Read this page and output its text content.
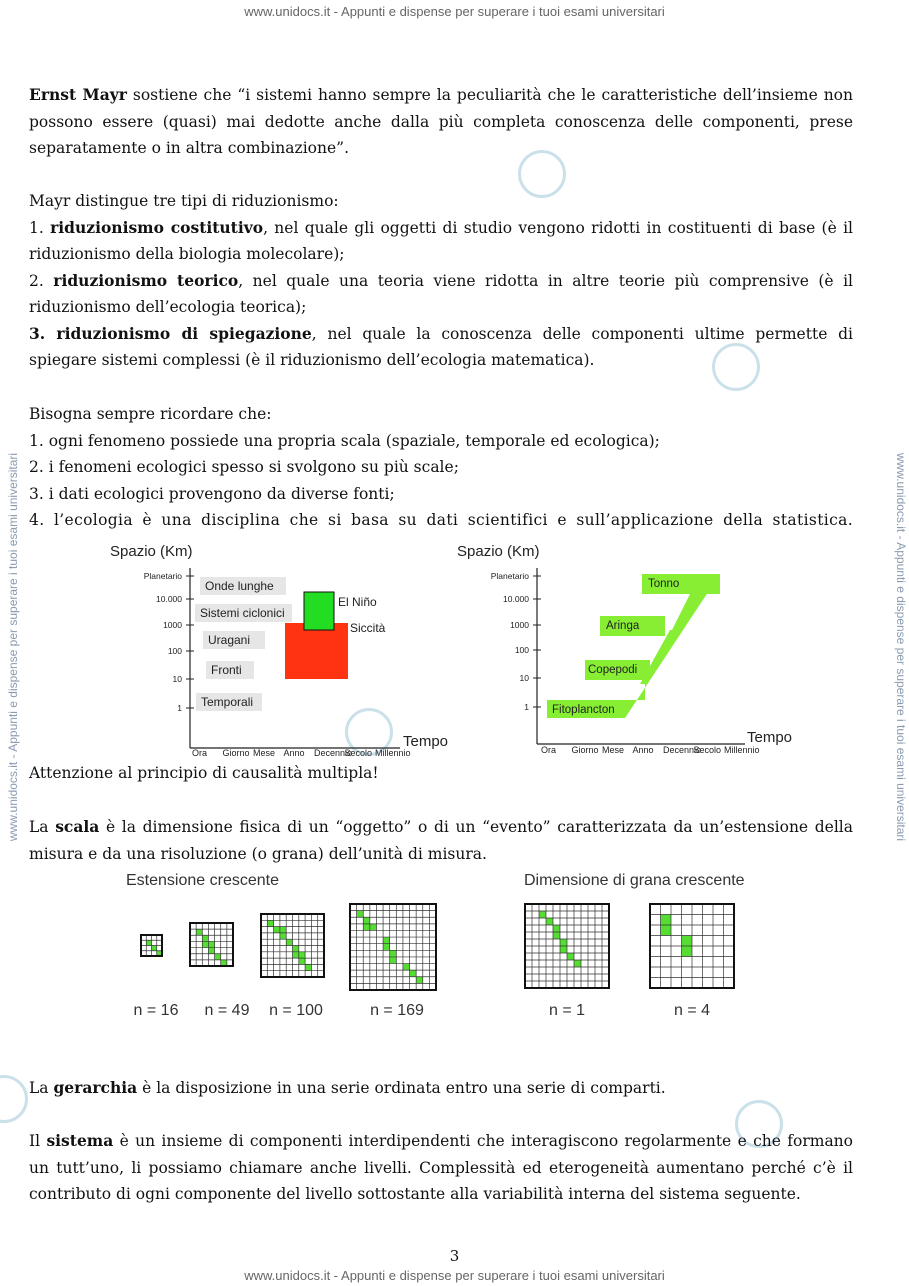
www.unidocs.it - Appunti e dispense per superare i tuoi esami universitari
www.unidocs.it - Appunti e dispense per superare i tuoi esami universitari	www.unidocs.it - Appunti e dispense per superare i tuoi esami universitari
Ernst Mayr sostiene che “i sistemi hanno sempre la peculiarità che le caratteristiche dell’insieme non possono essere (quasi) mai dedotte anche dalla più completa conoscenza delle componenti, prese separatamente o in altra combinazione”.
Mayr distingue tre tipi di riduzionismo:
1. riduzionismo costitutivo, nel quale gli oggetti di studio vengono ridotti in costituenti di base (è il riduzionismo della biologia molecolare);
2. riduzionismo teorico, nel quale una teoria viene ridotta in altre teorie più comprensive (è il riduzionismo dell’ecologia teorica);
3. riduzionismo di spiegazione, nel quale la conoscenza delle componenti ultime permette di spiegare sistemi complessi (è il riduzionismo dell’ecologia matematica).
Bisogna sempre ricordare che:
1. ogni fenomeno possiede una propria scala (spaziale, temporale ed ecologica);
2. i fenomeni ecologici spesso si svolgono su più scale;
3. i dati ecologici provengono da diverse fonti;
4. l’ecologia è una disciplina che si basa su dati scientifici e sull’applicazione della statistica.
Spazio (Km)
Planetario
10.000
1000
100
10
1
Ora Giorno Mese Anno Decennio
Secolo Millennio
Tempo
El Niño
Siccità
Onde lunghe
Sistemi ciclonici
Uragani
Fronti
Temporali
Spazio (Km)
Planetario
10.000
1000
100
10
1
Ora Giorno Mese Anno Decennio
Secolo Millennio
Tempo
Tonno
Aringa
Copepodi
Fitoplancton
Attenzione al principio di causalità multipla!
La scala è la dimensione fisica di un “oggetto” o di un “evento” caratterizzata da un’estensione della misura e da una risoluzione (o grana) dell’unità di misura.
Estensione crescente	Dimensione di grana crescente
n = 16 n = 49 n = 100	n = 169	n = 1	n = 4
La gerarchia è la disposizione in una serie ordinata entro una serie di comparti.
Il sistema è un insieme di componenti interdipendenti che interagiscono regolarmente e che formano un tutt’uno, li possiamo chiamare anche livelli. Complessità ed eterogeneità aumentano perché c’è il contributo di ogni componente del livello sottostante alla variabilità interna del sistema seguente.
3
www.unidocs.it - Appunti e dispense per superare i tuoi esami universitari
